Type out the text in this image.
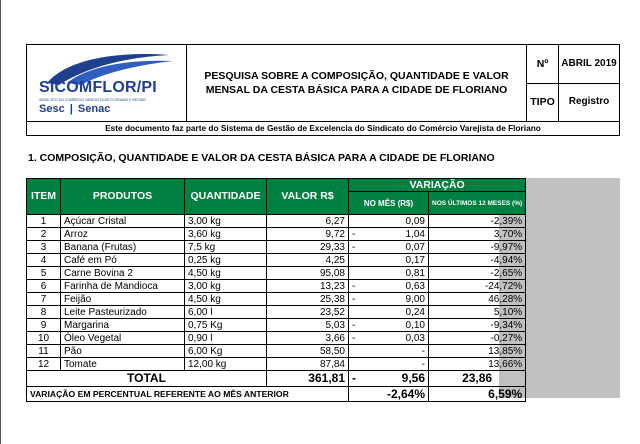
SICOMFLOR/PI
SINDICATO DO COMÉRCIO VAREJISTA DE FLORIANO E REGIÃO
Sesc | Senac
PESQUISA SOBRE A COMPOSIÇÃO, QUANTIDADE E VALOR MENSAL DA CESTA BÁSICA PARA A CIDADE DE FLORIANO
Nº	ABRIL 2019
TIPO	Registro
Este documento faz parte do Sistema de Gestão de Excelencia do Sindicato do Comércio Varejista de Floriano
1. COMPOSIÇÃO, QUANTIDADE E VALOR DA CESTA BÁSICA PARA A CIDADE DE FLORIANO
ITEM	PRODUTOS	QUANTIDADE	VALOR R$	VARIAÇÃO	
				NO MÊS (R$)	NOS ÚLTIMOS 12 MESES (%)
1	Açúcar Cristal	3,00 kg	6,27	0,09	-2,39%
2	Arroz	3,60 kg	9,72	- 1,04	3,70%
3	Banana (Frutas)	7,5 kg	29,33	- 0,07	-9,97%
4	Café em Pó	0,25 kg	4,25	0,17	-4,94%
5	Carne Bovina 2	4,50 kg	95,08	0,81	-2,65%
6	Farinha de Mandioca	3,00 kg	13,23	- 0,63	-24,72%
7	Feijão	4,50 kg	25,38	- 9,00	46,28%
8	Leite Pasteurizado	6,00 l	23,52	0,24	5,10%
9	Margarina	0,75 Kg	5,03	- 0,10	-9,34%
10	Óleo Vegetal	0,90 l	3,66	- 0,03	-0,27%
11	Pão	6,00 Kg	58,50	-	13,85%
12	Tomate	12,00 kg	87,84	-	13,66%
TOTAL			361,81	- 9,56	23,86
VARIAÇÃO EM PERCENTUAL REFERENTE AO MÊS ANTERIOR				-2,64%	6,59%
